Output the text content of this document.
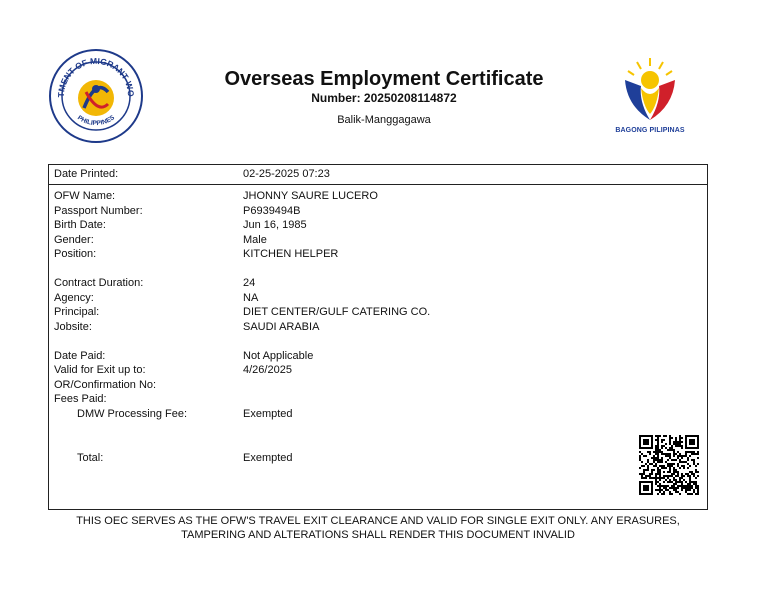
TMENT OF MIGRANT WO
PHILIPPINES
Overseas Employment Certificate
Number: 20250208114872
Balik-Manggagawa
BAGONG PILIPINAS
Date Printed:	02-25-2025 07:23
OFW Name:	JHONNY SAURE LUCERO
Passport Number:	P6939494B
Birth Date:	Jun 16, 1985
Gender:	Male
Position:	KITCHEN HELPER
Contract Duration:	24
Agency:	NA
Principal:	DIET CENTER/GULF CATERING CO.
Jobsite:	SAUDI ARABIA
Date Paid:	Not Applicable
Valid for Exit up to:	4/26/2025
OR/Confirmation No:
Fees Paid:
DMW Processing Fee:	Exempted
Total:	Exempted
THIS OEC SERVES AS THE OFW'S TRAVEL EXIT CLEARANCE AND VALID FOR SINGLE EXIT ONLY. ANY ERASURES,
TAMPERING AND ALTERATIONS SHALL RENDER THIS DOCUMENT INVALID
